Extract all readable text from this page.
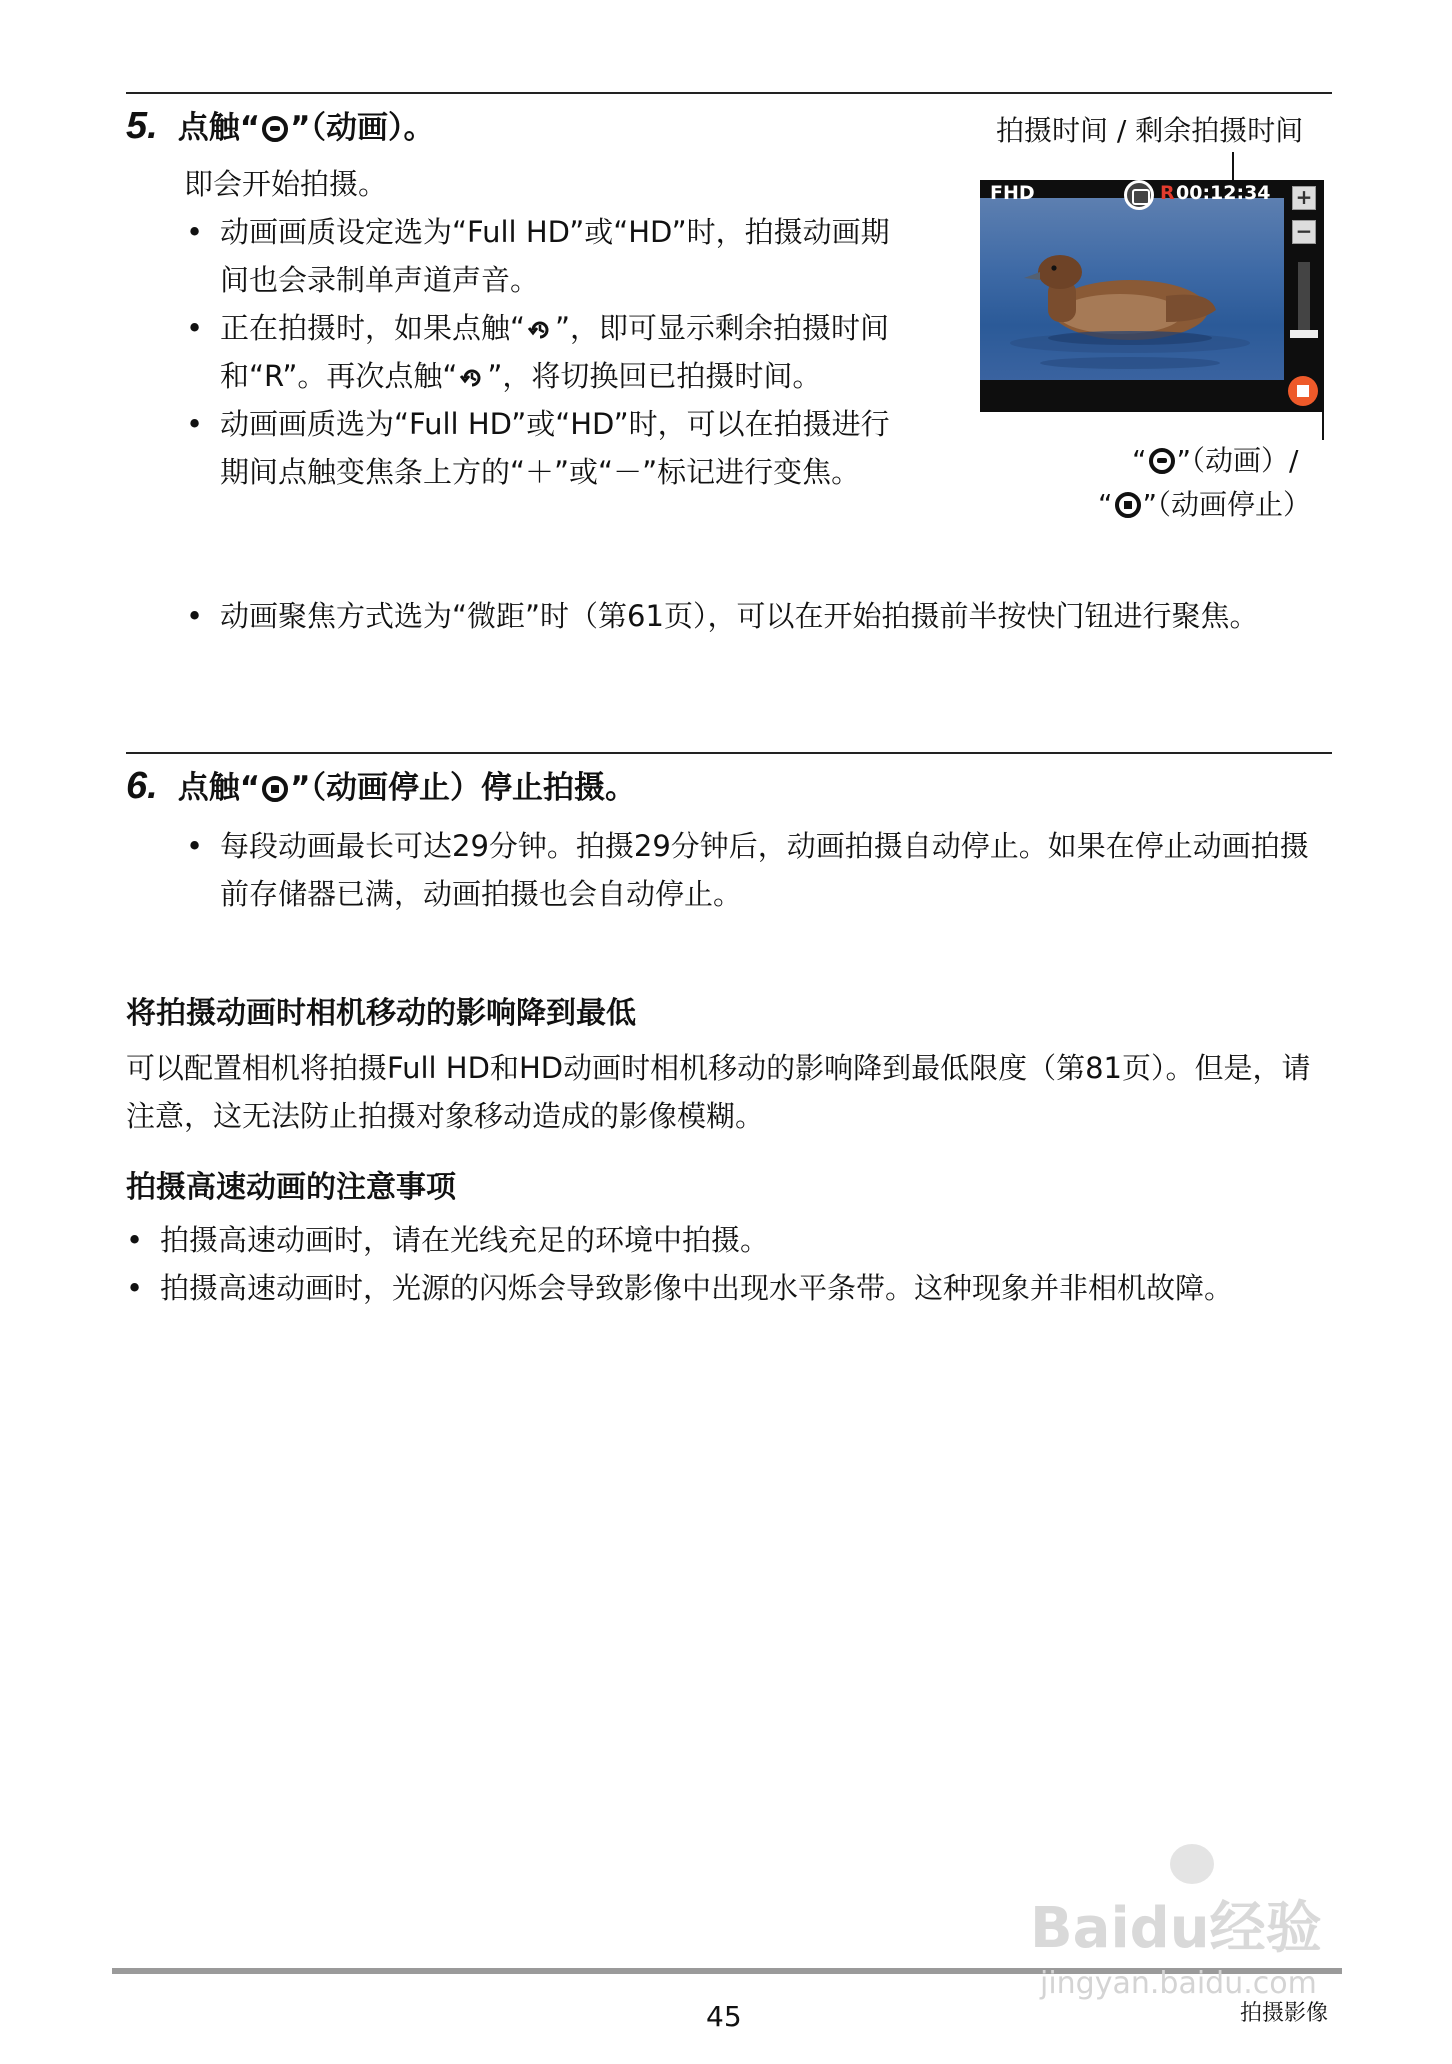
5. 点触“ ”（动画）。
即会开始拍摄。
• 动画画质设定选为“Full HD”或“HD”时，拍摄动画期间也会录制单声道声音。
• 正在拍摄时，如果点触“ ”，即可显示剩余拍摄时间和“R”。再次点触“ ”，将切换回已拍摄时间。
• 动画画质选为“Full HD”或“HD”时，可以在拍摄进行期间点触变焦条上方的“＋”或“－”标记进行变焦。
• 动画聚焦方式选为“微距”时（第61页），可以在开始拍摄前半按快门钮进行聚焦。
拍摄时间 / 剩余拍摄时间
FHD	R 00:12:34 +
−
“ ”（动画）/
“ ”（动画停止）
6. 点触“ ”（动画停止）停止拍摄。
• 每段动画最长可达29分钟。拍摄29分钟后，动画拍摄自动停止。如果在停止动画拍摄前存储器已满，动画拍摄也会自动停止。
将拍摄动画时相机移动的影响降到最低
可以配置相机将拍摄Full HD和HD动画时相机移动的影响降到最低限度（第81页）。但是，请注意，这无法防止拍摄对象移动造成的影像模糊。
拍摄高速动画的注意事项
• 拍摄高速动画时，请在光线充足的环境中拍摄。
• 拍摄高速动画时，光源的闪烁会导致影像中出现水平条带。这种现象并非相机故障。
Baidu经验
jingyan.baidu.com
45	拍摄影像
